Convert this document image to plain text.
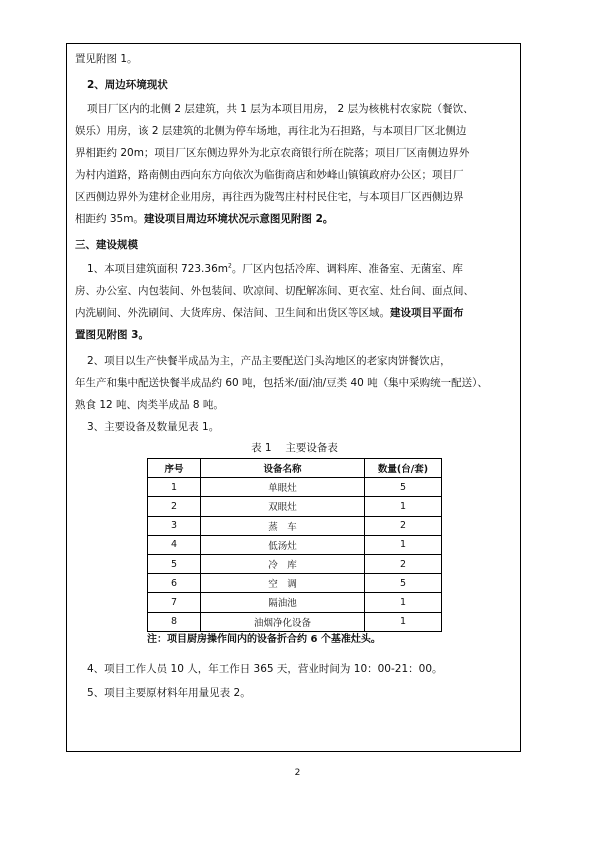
置见附图 1。
2、周边环境现状
项目厂区内的北侧 2 层建筑，共 1 层为本项目用房， 2 层为核桃村农家院（餐饮、
娱乐）用房，该 2 层建筑的北侧为停车场地，再往北为石担路，与本项目厂区北侧边
界相距约 20m；项目厂区东侧边界外为北京农商银行所在院落；项目厂区南侧边界外
为村内道路，路南侧由西向东方向依次为临街商店和妙峰山镇镇政府办公区；项目厂
区西侧边界外为建材企业用房，再往西为陇驾庄村村民住宅，与本项目厂区西侧边界
相距约 35m。建设项目周边环境状况示意图见附图 2。
三、建设规模
1、本项目建筑面积 $723.36m^2$。厂区内包括冷库、调料库、准备室、无菌室、库
房、办公室、内包装间、外包装间、吹凉间、切配解冻间、更衣室、灶台间、面点间、
内洗刷间、外洗刷间、大货库房、保洁间、卫生间和出货区等区域。建设项目平面布
置图见附图 3。
2、项目以生产快餐半成品为主，产品主要配送门头沟地区的老家肉饼餐饮店，
年生产和集中配送快餐半成品约 60 吨，包括米/面/油/豆类 40 吨（集中采购统一配送）、
熟食 12 吨、肉类半成品 8 吨。
3、主要设备及数量见表 1。
表 1　 主要设备表
序号	设备名称	数量(台/套)
1	单眼灶	5
2	双眼灶	1
3	蒸　车	2
4	低汤灶	1
5	冷　库	2
6	空　调	5
7	隔油池	1
8	油烟净化设备	1
注：项目厨房操作间内的设备折合约 6 个基准灶头。
4、项目工作人员 10 人，年工作日 365 天，营业时间为 10：00-21：00。
5、项目主要原材料年用量见表 2。
2
